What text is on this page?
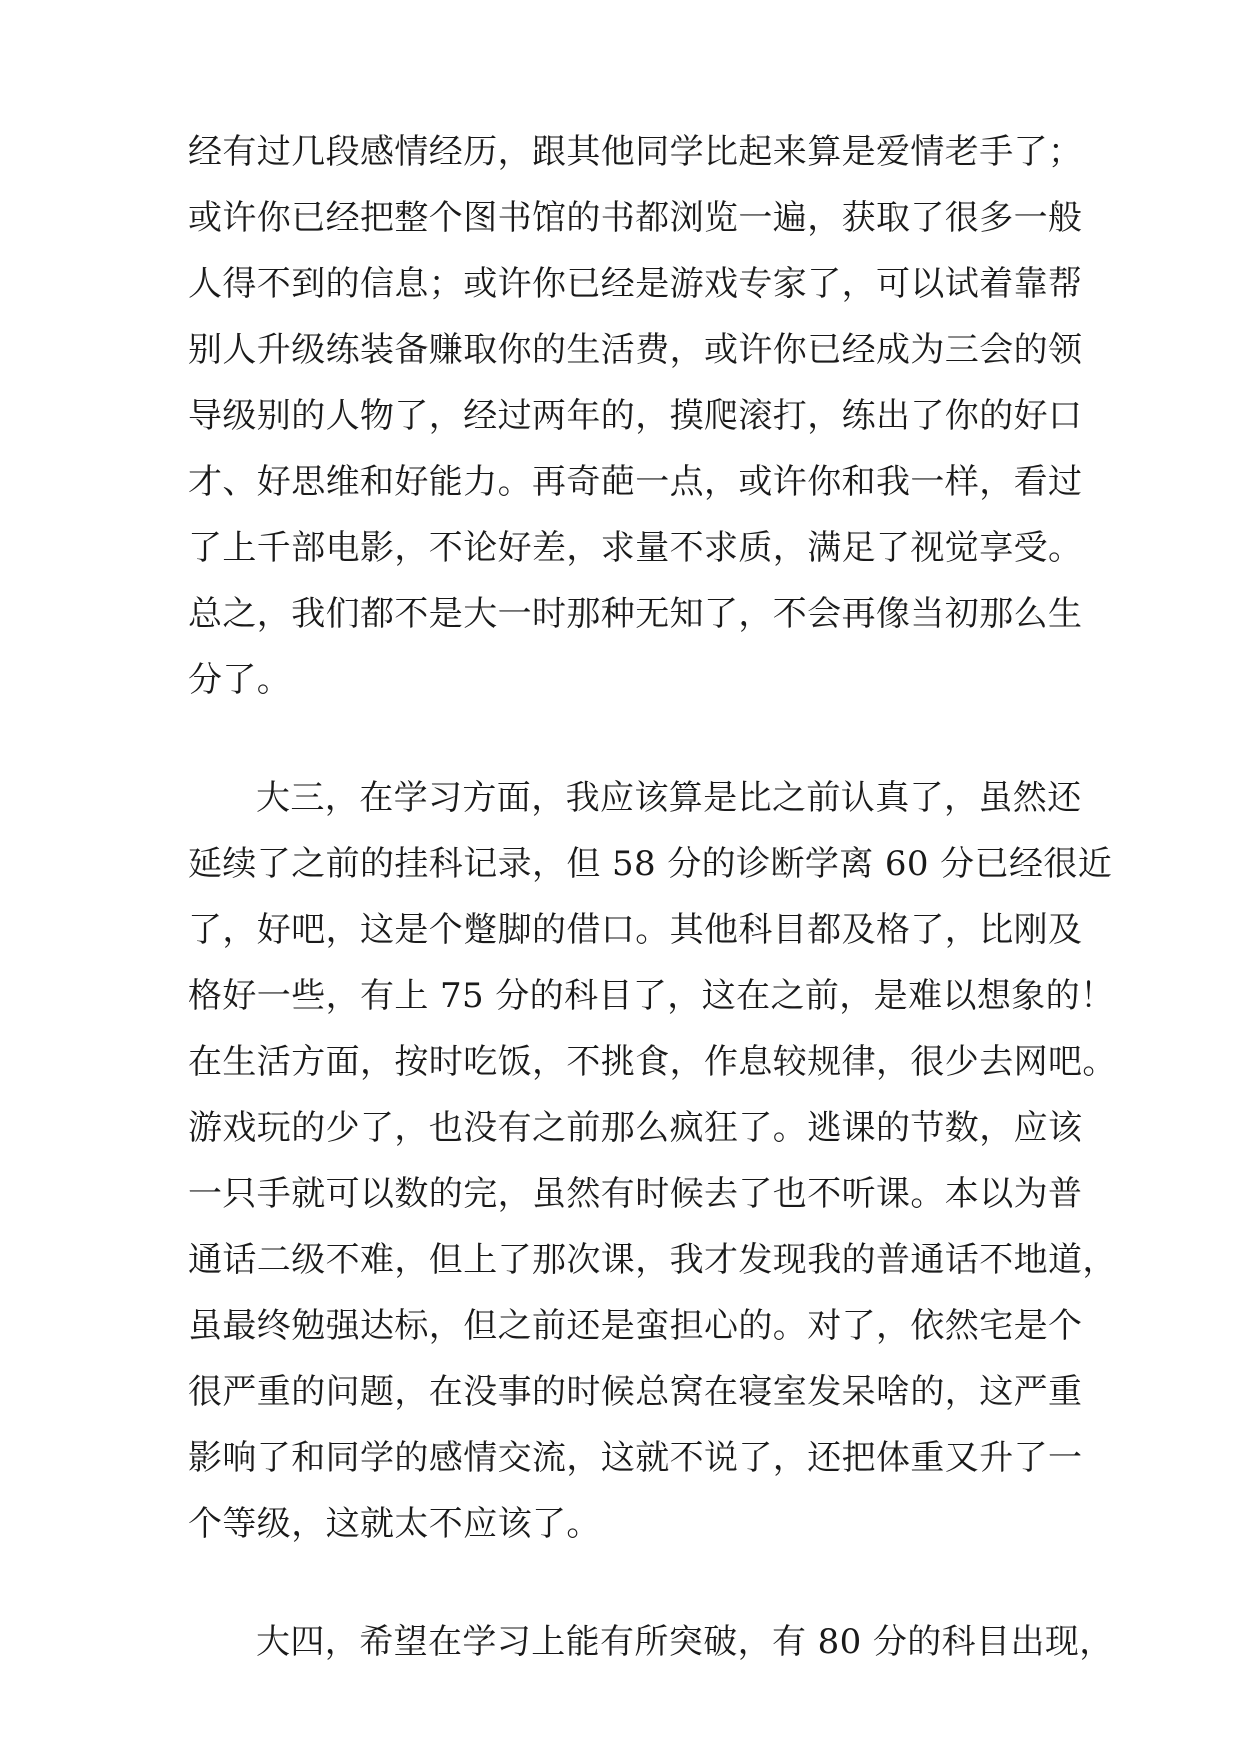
经有过几段感情经历，跟其他同学比起来算是爱情老手了；
或许你已经把整个图书馆的书都浏览一遍，获取了很多一般
人得不到的信息；或许你已经是游戏专家了，可以试着靠帮
别人升级练装备赚取你的生活费，或许你已经成为三会的领
导级别的人物了，经过两年的，摸爬滚打，练出了你的好口
才、好思维和好能力。再奇葩一点，或许你和我一样，看过
了上千部电影，不论好差，求量不求质，满足了视觉享受。
总之，我们都不是大一时那种无知了，不会再像当初那么生
分了。
大三，在学习方面，我应该算是比之前认真了，虽然还
延续了之前的挂科记录，但 58 分的诊断学离 60 分已经很近
了，好吧，这是个蹩脚的借口。其他科目都及格了，比刚及
格好一些，有上 75 分的科目了，这在之前，是难以想象的！
在生活方面，按时吃饭，不挑食，作息较规律，很少去网吧。
游戏玩的少了，也没有之前那么疯狂了。逃课的节数，应该
一只手就可以数的完，虽然有时候去了也不听课。本以为普
通话二级不难，但上了那次课，我才发现我的普通话不地道，
虽最终勉强达标，但之前还是蛮担心的。对了，依然宅是个
很严重的问题，在没事的时候总窝在寝室发呆啥的，这严重
影响了和同学的感情交流，这就不说了，还把体重又升了一
个等级，这就太不应该了。
大四，希望在学习上能有所突破，有 80 分的科目出现，
